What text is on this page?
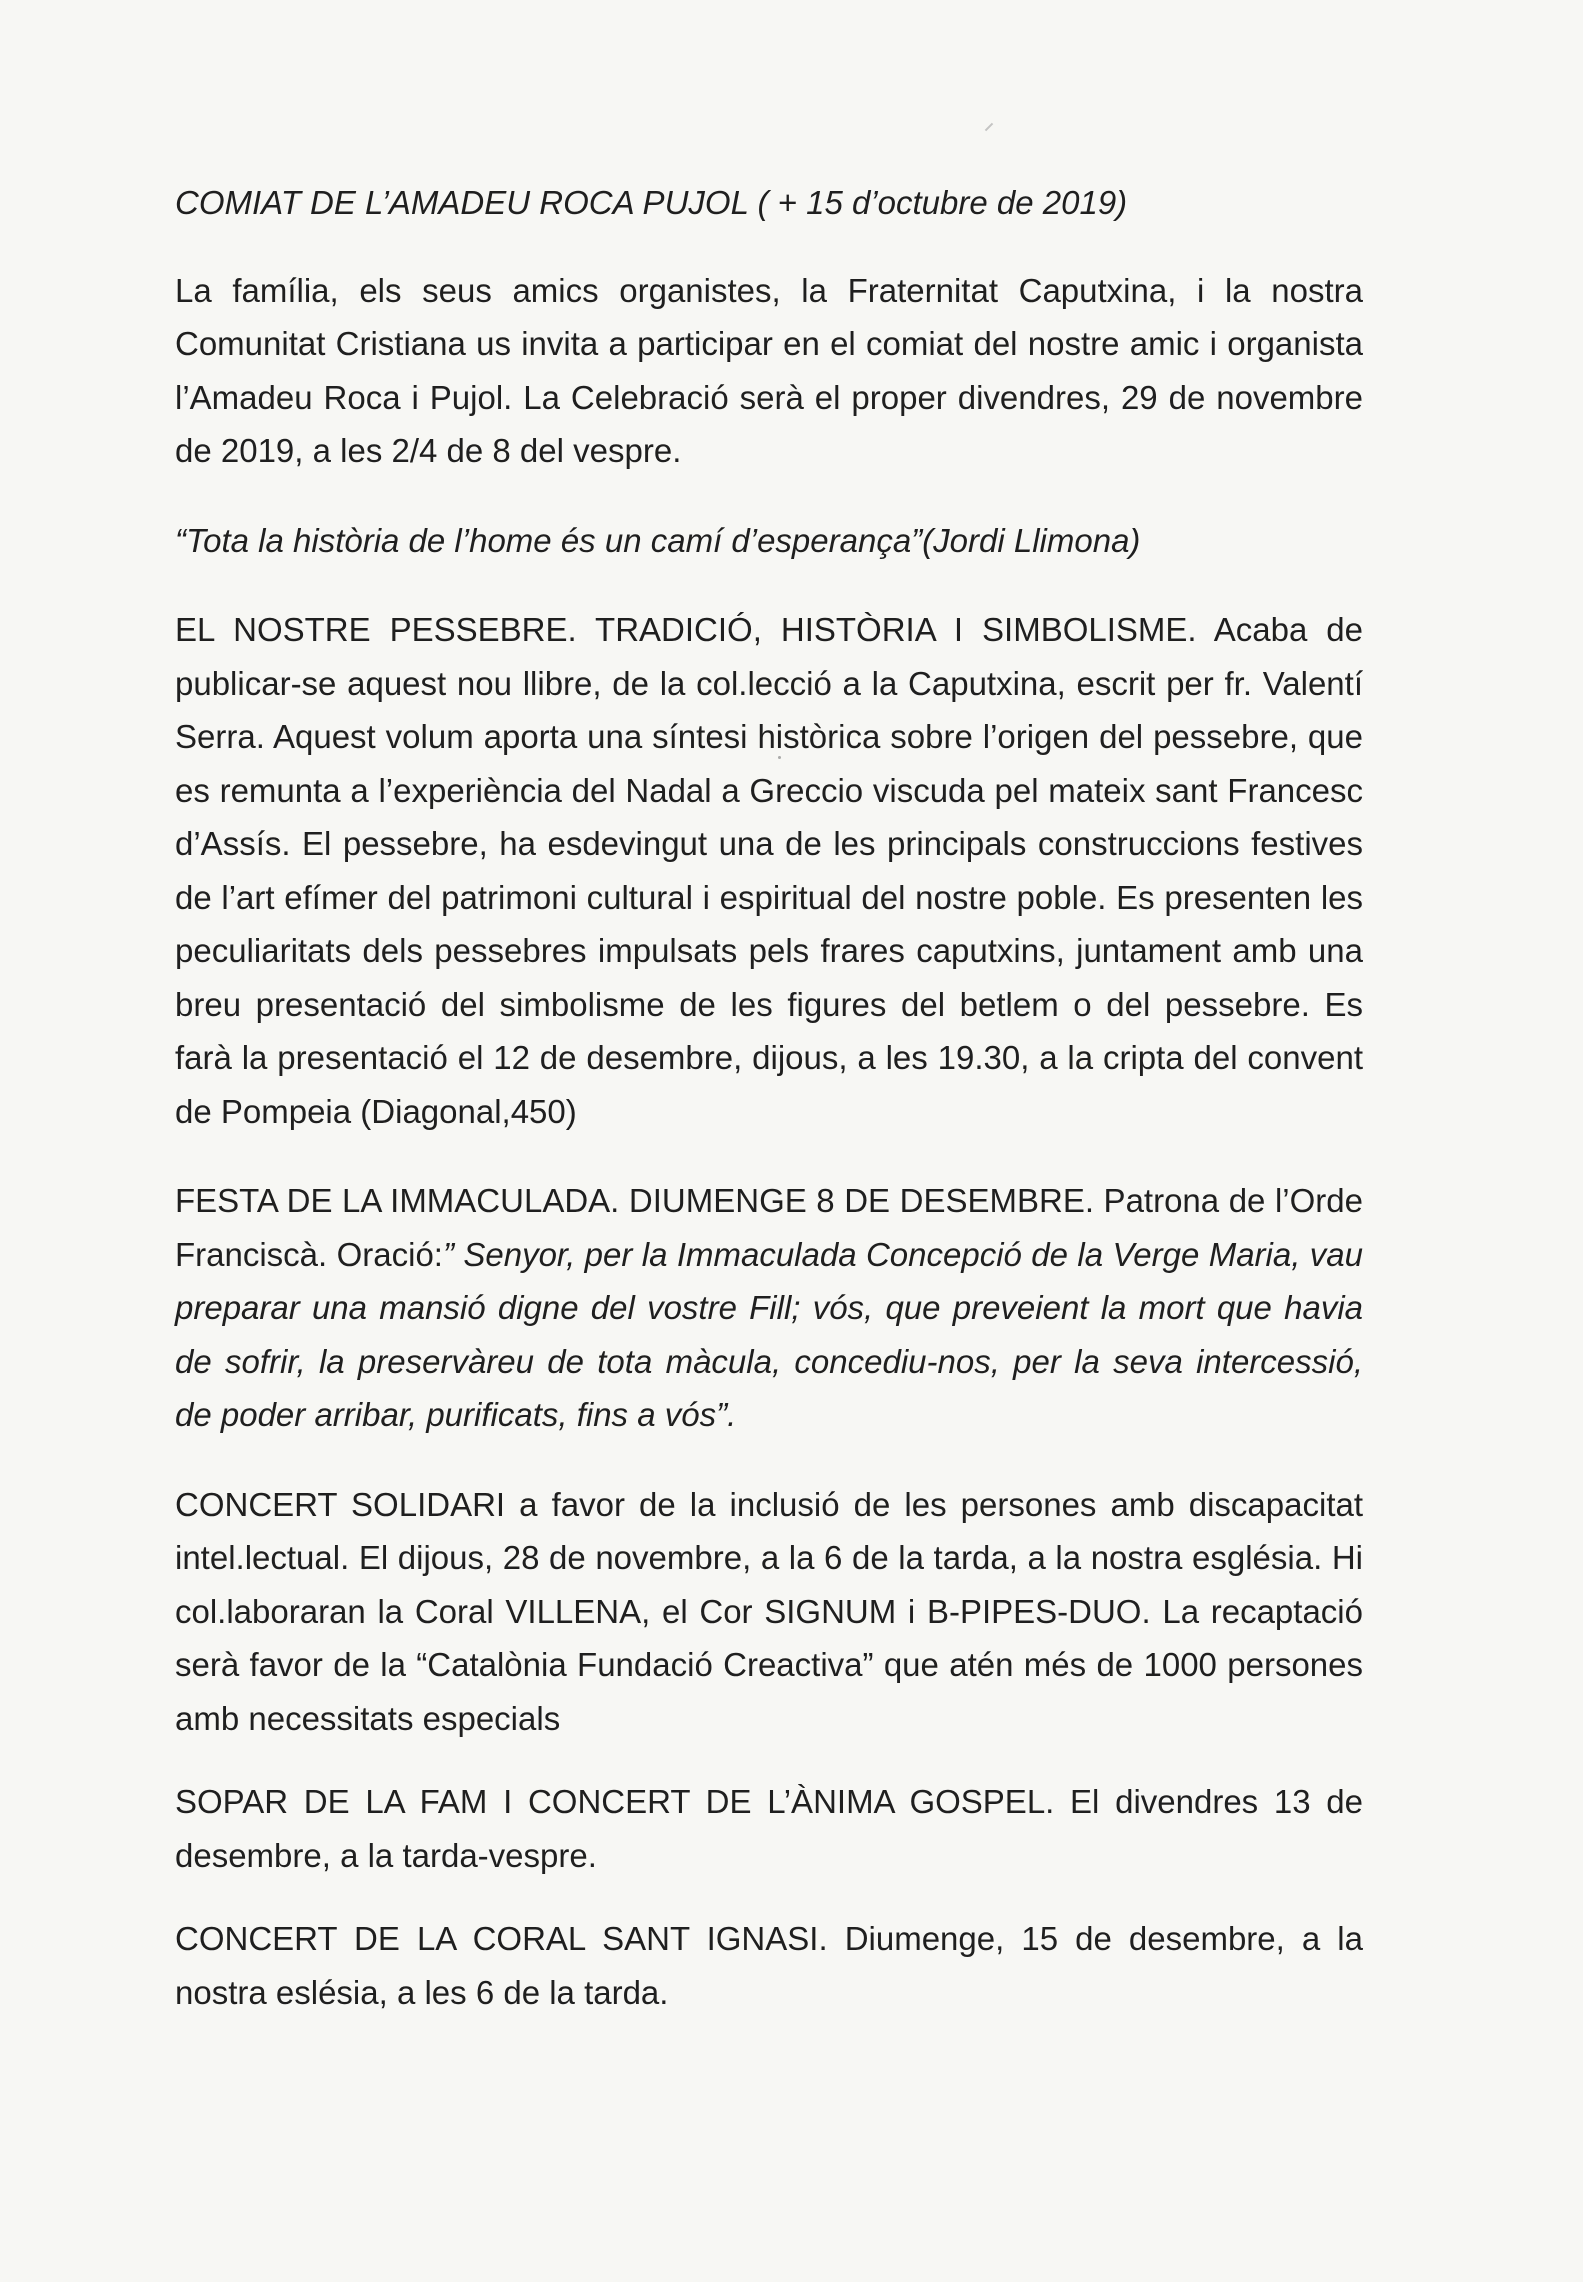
COMIAT DE L’AMADEU ROCA PUJOL ( + 15 d’octubre de 2019)

La família, els seus amics organistes, la Fraternitat Caputxina, i la nostra Comunitat Cristiana us invita a participar en el comiat del nostre amic i organista l’Amadeu Roca i Pujol. La Celebració serà el proper divendres, 29 de novembre de 2019, a les 2/4 de 8 del vespre.

“Tota la història de l’home és un camí d’esperança”(Jordi Llimona)

EL NOSTRE PESSEBRE. TRADICIÓ, HISTÒRIA I SIMBOLISME. Acaba de publicar-se aquest nou llibre, de la col.lecció a la Caputxina, escrit per fr. Valentí Serra. Aquest volum aporta una síntesi històrica sobre l’origen del pessebre, que es remunta a l’experiència del Nadal a Greccio viscuda pel mateix sant Francesc d’Assís. El pessebre, ha esdevingut una de les principals construccions festives de l’art efímer del patrimoni cultural i espiritual del nostre poble. Es presenten les peculiaritats dels pessebres impulsats pels frares caputxins, juntament amb una breu presentació del simbolisme de les figures del betlem o del pessebre. Es farà la presentació el 12 de desembre, dijous, a les 19.30, a la cripta del convent de Pompeia (Diagonal,450)

FESTA DE LA IMMACULADA. DIUMENGE 8 DE DESEMBRE. Patrona de l’Orde Franciscà. Oració:” Senyor, per la Immaculada Concepció de la Verge Maria, vau preparar una mansió digne del vostre Fill; vós, que preveient la mort que havia de sofrir, la preservàreu de tota màcula, concediu-nos, per la seva intercessió, de poder arribar, purificats, fins a vós”.

CONCERT SOLIDARI a favor de la inclusió de les persones amb discapacitat intel.lectual. El dijous, 28 de novembre, a la 6 de la tarda, a la nostra església. Hi col.laboraran la Coral VILLENA, el Cor SIGNUM i B-PIPES-DUO. La recaptació serà favor de la “Catalònia Fundació Creactiva” que atén més de 1000 persones amb necessitats especials

SOPAR DE LA FAM I CONCERT DE L’ÀNIMA GOSPEL. El divendres 13 de desembre, a la tarda-vespre.

CONCERT DE LA CORAL SANT IGNASI. Diumenge, 15 de desembre, a la nostra eslésia, a les 6 de la tarda.
